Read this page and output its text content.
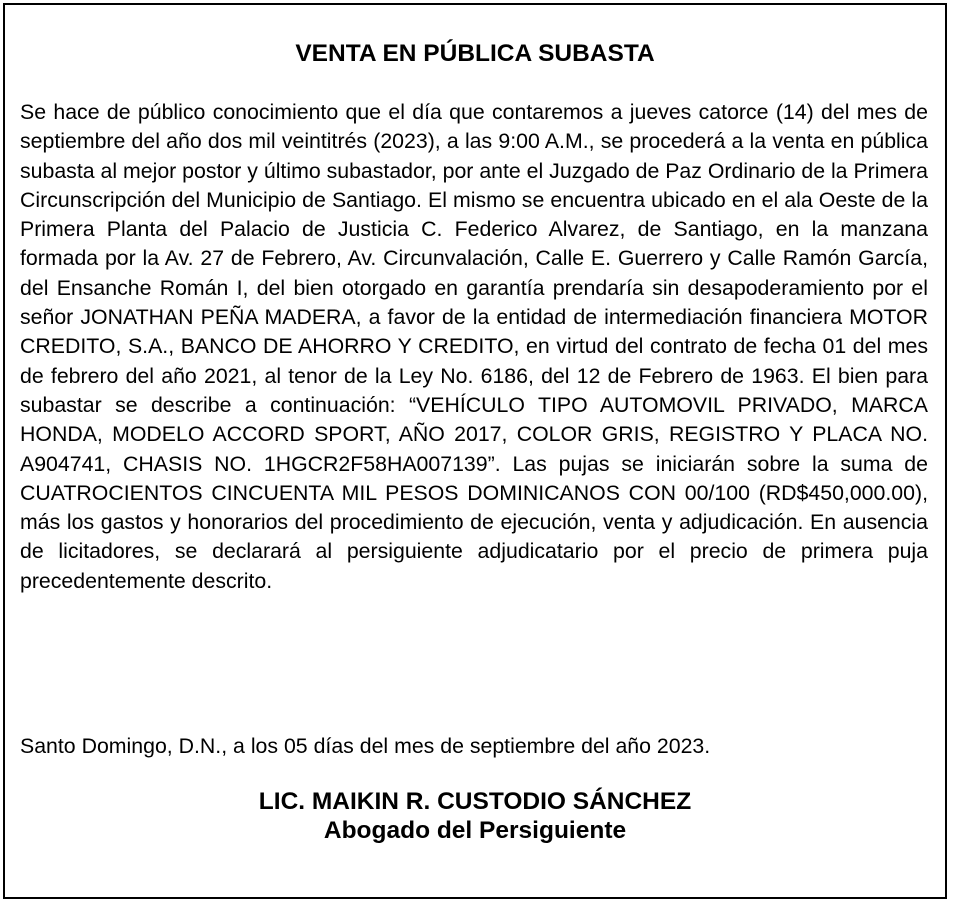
VENTA EN PÚBLICA SUBASTA

Se hace de público conocimiento que el día que contaremos a jueves catorce (14) del mes de septiembre del año dos mil veintitrés (2023), a las 9:00 A.M., se procederá a la venta en pública subasta al mejor postor y último subastador, por ante el Juzgado de Paz Ordinario de la Primera Circunscripción del Municipio de Santiago. El mismo se encuentra ubicado en el ala Oeste de la Primera Planta del Palacio de Justicia C. Federico Alvarez, de Santiago, en la manzana formada por la Av. 27 de Febrero, Av. Circunvalación, Calle E. Guerrero y Calle Ramón García, del Ensanche Román I, del bien otorgado en garantía prendaría sin desapoderamiento por el señor JONATHAN PEÑA MADERA, a favor de la entidad de intermediación financiera MOTOR CREDITO, S.A., BANCO DE AHORRO Y CREDITO, en virtud del contrato de fecha 01 del mes de febrero del año 2021, al tenor de la Ley No. 6186, del 12 de Febrero de 1963. El bien para subastar se describe a continuación: “VEHÍCULO TIPO AUTOMOVIL PRIVADO, MARCA HONDA, MODELO ACCORD SPORT, AÑO 2017, COLOR GRIS, REGISTRO Y PLACA NO. A904741, CHASIS NO. 1HGCR2F58HA007139”. Las pujas se iniciarán sobre la suma de CUATROCIENTOS CINCUENTA MIL PESOS DOMINICANOS CON 00/100 (RD$450,000.00), más los gastos y honorarios del procedimiento de ejecución, venta y adjudicación. En ausencia de licitadores, se declarará al persiguiente adjudicatario por el precio de primera puja precedentemente descrito.

Santo Domingo, D.N., a los 05 días del mes de septiembre del año 2023.

LIC. MAIKIN R. CUSTODIO SÁNCHEZ
Abogado del Persiguiente
